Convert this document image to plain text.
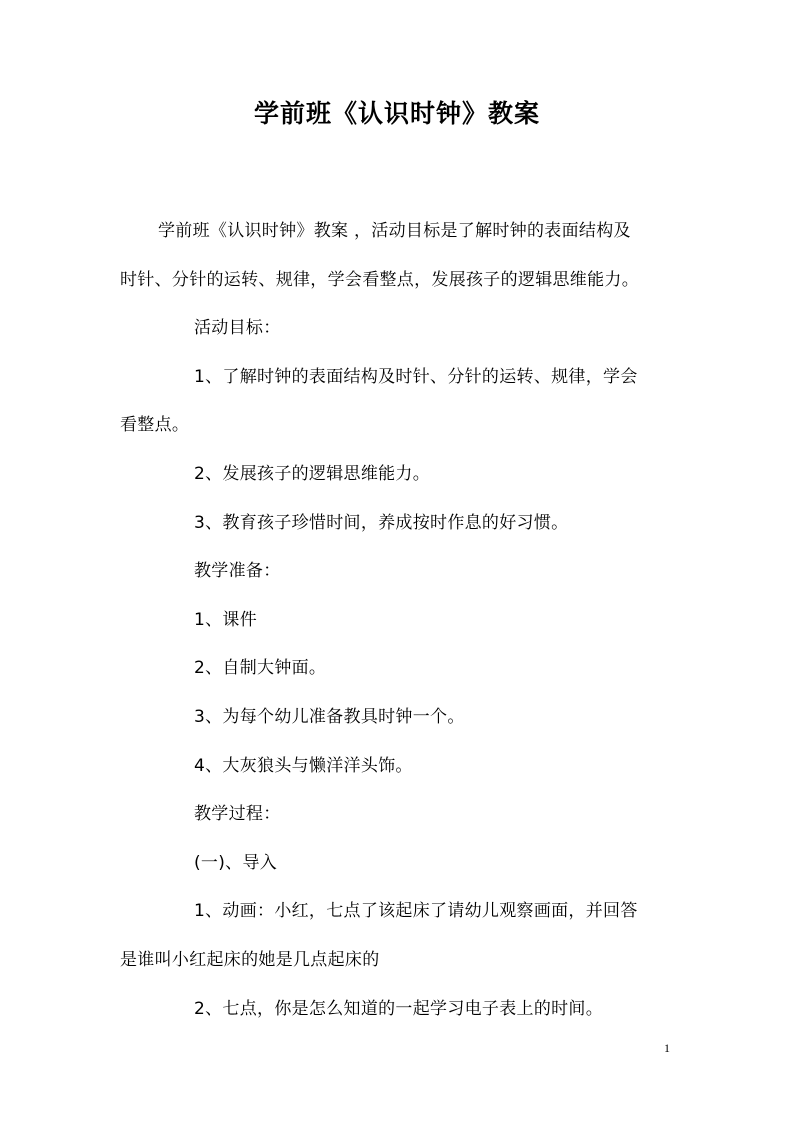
学前班《认识时钟》教案
学前班《认识时钟》教案 ，活动目标是了解时钟的表面结构及
时针、分针的运转、规律，学会看整点，发展孩子的逻辑思维能力。
活动目标：
1、了解时钟的表面结构及时针、分针的运转、规律，学会
看整点。
2、发展孩子的逻辑思维能力。
3、教育孩子珍惜时间，养成按时作息的好习惯。
教学准备：
1、课件
2、自制大钟面。
3、为每个幼儿准备教具时钟一个。
4、大灰狼头与懒洋洋头饰。
教学过程：
(一)、导入
1、动画：小红，七点了该起床了请幼儿观察画面，并回答
是谁叫小红起床的她是几点起床的
2、七点，你是怎么知道的一起学习电子表上的时间。
1
